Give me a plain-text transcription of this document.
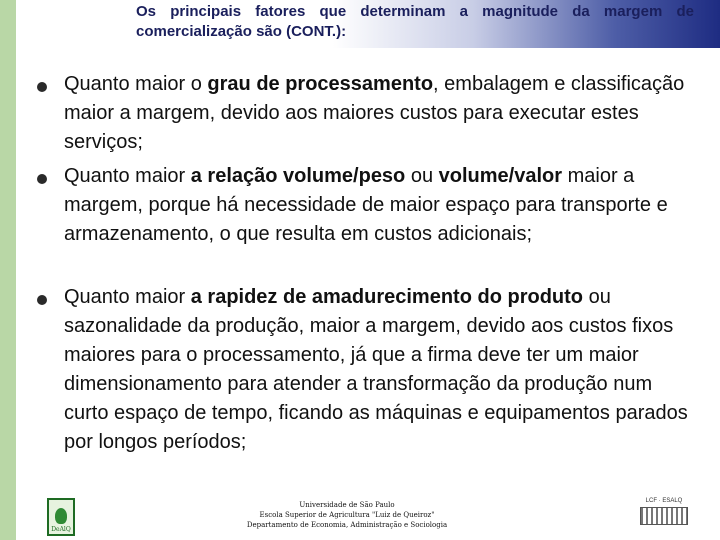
Os principais fatores que determinam a magnitude da margem de comercialização são (CONT.):
Quanto maior o grau de processamento, embalagem e classificação maior a margem, devido aos maiores custos para executar estes serviços;
Quanto maior a relação volume/peso ou volume/valor maior a margem, porque há necessidade de maior espaço para transporte e armazenamento, o que resulta em custos adicionais;
Quanto maior a rapidez de amadurecimento do produto ou sazonalidade da produção, maior a margem, devido aos custos fixos maiores para o processamento, já que a firma deve ter um maior dimensionamento para atender a transformação da produção num curto espaço de tempo, ficando as máquinas e equipamentos parados por longos períodos;
DeAlQ
Universidade de São Paulo
Escola Superior de Agricultura "Luiz de Queiroz"
Departamento de Economia, Administração e Sociologia
LCF · ESALQ
